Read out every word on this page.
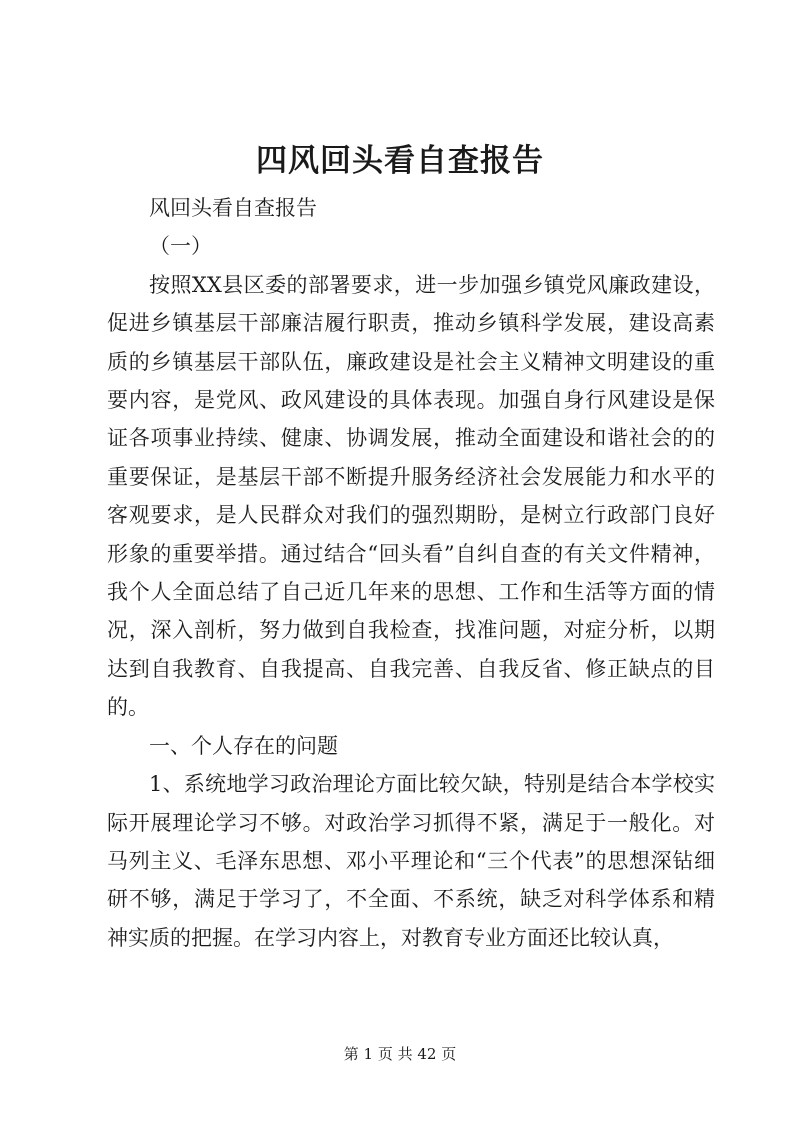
四风回头看自查报告

风回头看自查报告

（一）

按照XX县区委的部署要求，进一步加强乡镇党风廉政建设，促进乡镇基层干部廉洁履行职责，推动乡镇科学发展，建设高素质的乡镇基层干部队伍，廉政建设是社会主义精神文明建设的重要内容，是党风、政风建设的具体表现。加强自身行风建设是保证各项事业持续、健康、协调发展，推动全面建设和谐社会的的重要保证，是基层干部不断提升服务经济社会发展能力和水平的客观要求，是人民群众对我们的强烈期盼，是树立行政部门良好形象的重要举措。通过结合“回头看”自纠自查的有关文件精神，我个人全面总结了自己近几年来的思想、工作和生活等方面的情况，深入剖析，努力做到自我检查，找准问题，对症分析，以期达到自我教育、自我提高、自我完善、自我反省、修正缺点的目的。

一、个人存在的问题

1、系统地学习政治理论方面比较欠缺，特别是结合本学校实际开展理论学习不够。对政治学习抓得不紧，满足于一般化。对马列主义、毛泽东思想、邓小平理论和“三个代表”的思想深钻细研不够，满足于学习了，不全面、不系统，缺乏对科学体系和精神实质的把握。在学习内容上，对教育专业方面还比较认真，

第 1 页 共 42 页
